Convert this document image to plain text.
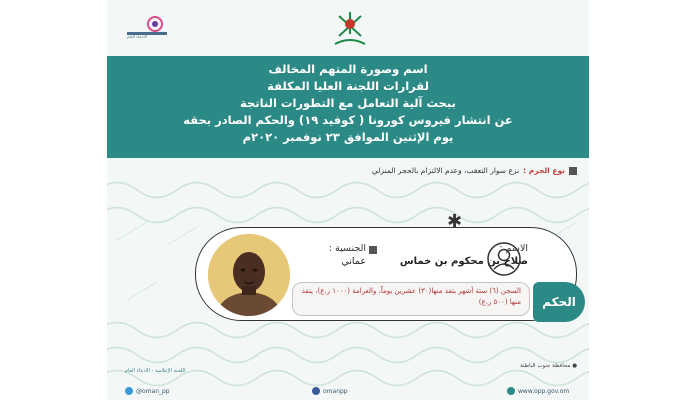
الادعاء العام
اسم وصورة المتهم المخالف
لقرارات اللجنة العليا المكلفة
ببحث آلية التعامل مع التطورات الناتجة
عن انتشار فيروس كورونا ( كوفيد ١٩) والحكم الصادر بحقه
يوم الإثنين الموافق ٢٣ نوفمبر ٢٠٢٠م
نوع الجرم :
نزع سوار التعقب، وعدم الالتزام بالحجر المنزلي
✱
الجنسية :
عماني
الاسم :
صلاح بن محكوم بن خماس
السجن (٦) ستة أشهر يتفذ منها(٣٠) عشرين يوماً، والغرامة (١٠٠٠ ر.ع)، يتفذ منها (٥٠٠ ر.ع)	الحكم
● محافظة جنوب الباطنة
اللجنة الإعلامية - الادعاء العام
@oman_pp	omanpp	www.opp.gov.om
